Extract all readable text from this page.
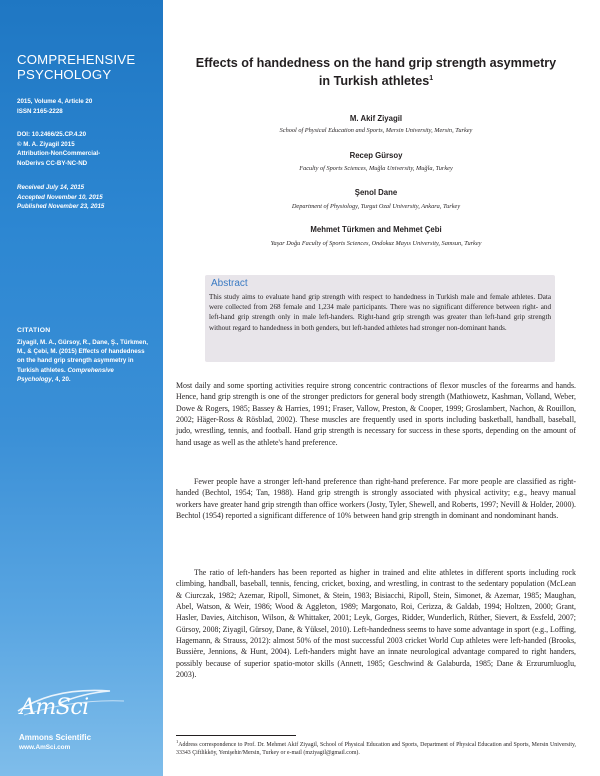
COMPREHENSIVE
PSYCHOLOGY
2015, Volume 4, Article 20
ISSN 2165-2228
DOI: 10.2466/25.CP.4.20
© M. A. Ziyagil 2015
Attribution-NonCommercial-
NoDerivs CC-BY-NC-ND
Received July 14, 2015
Accepted November 10, 2015
Published November 23, 2015
CITATION
Ziyagil, M. A., Gürsoy, R., Dane, Ş., Türkmen, M., & Çebi, M. (2015) Effects of handedness on the hand grip strength asymmetry in Turkish athletes. Comprehensive Psychology, 4, 20.
AmSci
Ammons Scientific
www.AmSci.com
Effects of handedness on the hand grip strength asymmetry
in Turkish athletes$^1$
M. Akif Ziyagil
School of Physical Education and Sports, Mersin University, Mersin, Turkey
Recep Gürsoy
Faculty of Sports Sciences, Muğla University, Muğla, Turkey
Şenol Dane
Department of Physiology, Turgut Ozal University, Ankara, Turkey
Mehmet Türkmen and Mehmet Çebi
Yaşar Doğu Faculty of Sports Sciences, Ondokuz Mayıs University, Samsun, Turkey
Abstract
This study aims to evaluate hand grip strength with respect to handedness in Turkish male and female athletes. Data were collected from 268 female and 1,234 male participants. There was no significant difference between right- and left-hand grip strength only in male left-handers. Right-hand grip strength was greater than left-hand grip strength without regard to handedness in both genders, but left-handed athletes had stronger non-dominant hands.
Most daily and some sporting activities require strong concentric contractions of flexor muscles of the forearms and hands. Hence, hand grip strength is one of the stronger predictors for general body strength (Mathiowetz, Kashman, Volland, Weber, Dowe & Rogers, 1985; Bassey & Harries, 1991; Fraser, Vallow, Preston, & Cooper, 1999; Groslambert, Nachon, & Rouillon, 2002; Häger-Ross & Rösblad, 2002). These muscles are frequently used in sports including basketball, handball, baseball, judo, wrestling, tennis, and football. Hand grip strength is necessary for success in these sports, depending on the amount of hand usage as well as the athlete's hand preference.
Fewer people have a stronger left-hand preference than right-hand preference. Far more people are classified as right-handed (Bechtol, 1954; Tan, 1988). Hand grip strength is strongly associated with physical activity; e.g., heavy manual workers have greater hand grip strength than office workers (Josty, Tyler, Shewell, and Roberts, 1997; Nevill & Holder, 2000). Bechtol (1954) reported a significant difference of 10% between hand grip strength in dominant and nondominant hands.
The ratio of left-handers has been reported as higher in trained and elite athletes in different sports including rock climbing, handball, baseball, tennis, fencing, cricket, boxing, and wrestling, in contrast to the sedentary population (McLean & Ciurczak, 1982; Azemar, Ripoll, Simonet, & Stein, 1983; Bisiacchi, Ripoll, Stein, Simonet, & Azemar, 1985; Maughan, Abel, Watson, & Weir, 1986; Wood & Aggleton, 1989; Margonato, Roi, Cerizza, & Galdab, 1994; Holtzen, 2000; Grant, Hasler, Davies, Aitchison, Wilson, & Whittaker, 2001; Leyk, Gorges, Ridder, Wunderlich, Rüther, Sievert, & Essfeld, 2007; Gürsoy, 2008; Ziyagil, Gürsoy, Dane, & Yüksel, 2010). Left-handedness seems to have some advantage in sport (e.g., Loffing, Hagemann, & Strauss, 2012): almost 50% of the most successful 2003 cricket World Cup athletes were left-handed (Brooks, Bussière, Jennions, & Hunt, 2004). Left-handers might have an innate neurological advantage compared to right handers, possibly because of superior spatio-motor skills (Annett, 1985; Geschwind & Galaburda, 1985; Dane & Erzurumluoglu, 2003).
$^1$Address correspondence to Prof. Dr. Mehmet Akif Ziyagil, School of Physical Education and Sports, Department of Physical Education and Sports, Mersin University, 33343 Çiftlikköy, Yenişehir/Mersin, Turkey or e-mail (mziyagil@gmail.com).
